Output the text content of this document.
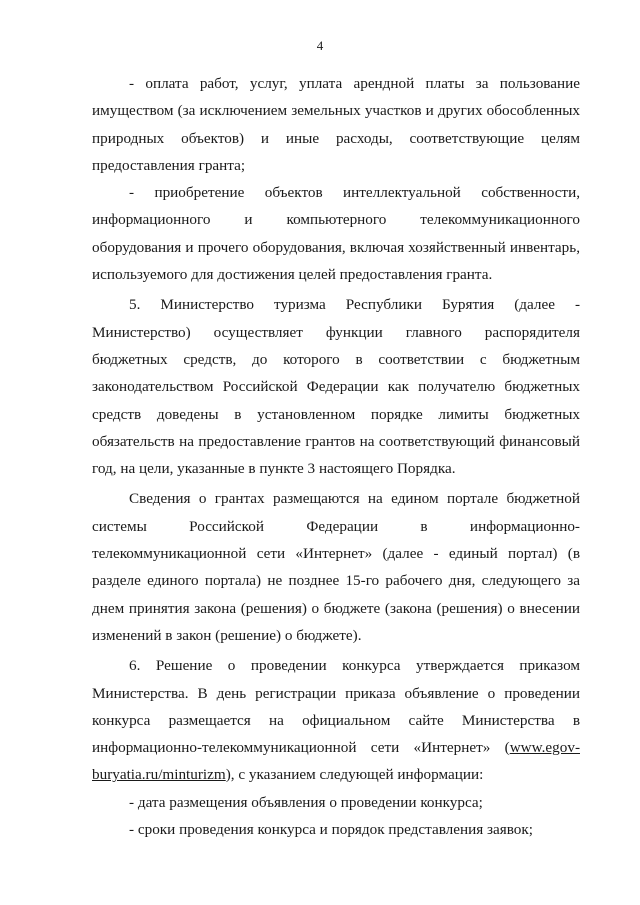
4

- оплата работ, услуг, уплата арендной платы за пользование имуществом (за исключением земельных участков и других обособленных природных объектов) и иные расходы, соответствующие целям предоставления гранта;

- приобретение объектов интеллектуальной собственности, информационного и компьютерного телекоммуникационного оборудования и прочего оборудования, включая хозяйственный инвентарь, используемого для достижения целей предоставления гранта.

5. Министерство туризма Республики Бурятия (далее - Министерство) осуществляет функции главного распорядителя бюджетных средств, до которого в соответствии с бюджетным законодательством Российской Федерации как получателю бюджетных средств доведены в установленном порядке лимиты бюджетных обязательств на предоставление грантов на соответствующий финансовый год, на цели, указанные в пункте 3 настоящего Порядка.

Сведения о грантах размещаются на едином портале бюджетной системы Российской Федерации в информационно-телекоммуникационной сети «Интернет» (далее - единый портал) (в разделе единого портала) не позднее 15-го рабочего дня, следующего за днем принятия закона (решения) о бюджете (закона (решения) о внесении изменений в закон (решение) о бюджете).

6. Решение о проведении конкурса утверждается приказом Министерства. В день регистрации приказа объявление о проведении конкурса размещается на официальном сайте Министерства в информационно-телекоммуникационной сети «Интернет» (www.egov-buryatia.ru/minturizm), с указанием следующей информации:

- дата размещения объявления о проведении конкурса;

- сроки проведения конкурса и порядок представления заявок;
